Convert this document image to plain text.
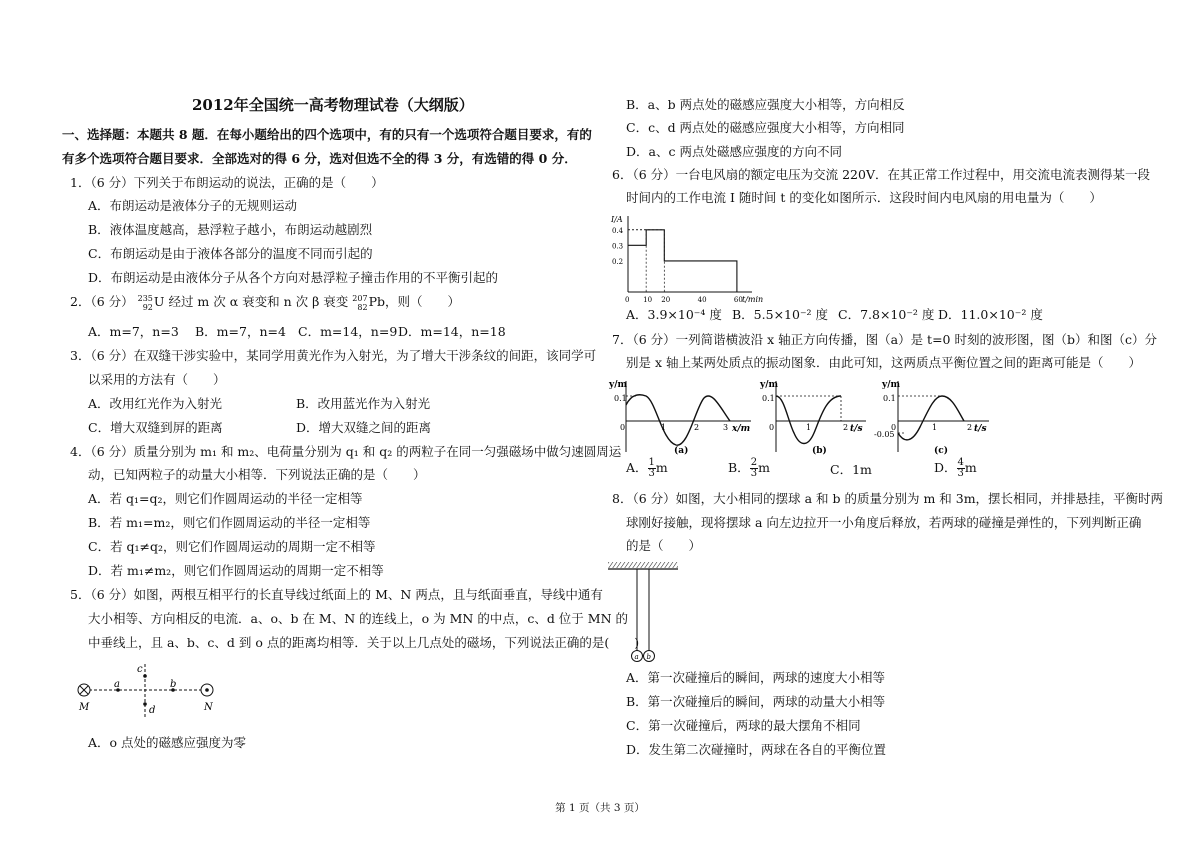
2012年全国统一高考物理试卷（大纲版）
一、选择题：本题共 8 题．在每小题给出的四个选项中，有的只有一个选项符合题目要求，有的
有多个选项符合题目要求．全部选对的得 6 分，选对但选不全的得 3 分，有选错的得 0 分．
1．（6 分）下列关于布朗运动的说法，正确的是（　　）
A．布朗运动是液体分子的无规则运动
B．液体温度越高，悬浮粒子越小，布朗运动越剧烈
C．布朗运动是由于液体各部分的温度不同而引起的
D．布朗运动是由液体分子从各个方向对悬浮粒子撞击作用的不平衡引起的
2．（6 分） 235
92 U 经过 m 次 α 衰变和 n 次 β 衰变 207
82 Pb，则（　　）
A．m=7，n=3 B．m=7，n=4 C．m=14，n=9 D．m=14，n=18
3．（6 分）在双缝干涉实验中，某同学用黄光作为入射光，为了增大干涉条纹的间距，该同学可
以采用的方法有（　　）
A．改用红光作为入射光	B．改用蓝光作为入射光
C．增大双缝到屏的距离	D．增大双缝之间的距离
4．（6 分）质量分别为 m₁ 和 m₂、电荷量分别为 q₁ 和 q₂ 的两粒子在同一匀强磁场中做匀速圆周运
动，已知两粒子的动量大小相等．下列说法正确的是（　　）
A．若 q₁=q₂，则它们作圆周运动的半径一定相等
B．若 m₁=m₂，则它们作圆周运动的半径一定相等
C．若 q₁≠q₂，则它们作圆周运动的周期一定不相等
D．若 m₁≠m₂，则它们作圆周运动的周期一定不相等
5．（6 分）如图，两根互相平行的长直导线过纸面上的 M、N 两点，且与纸面垂直，导线中通有
大小相等、方向相反的电流．a、o、b 在 M、N 的连线上，o 为 MN 的中点，c、d 位于 MN 的
中垂线上，且 a、b、c、d 到 o 点的距离均相等．关于以上几点处的磁场，下列说法正确的是(　　)
M	N
a	b
c
d
A．o 点处的磁感应强度为零
B．a、b 两点处的磁感应强度大小相等，方向相反
C．c、d 两点处的磁感应强度大小相等，方向相同
D．a、c 两点处磁感应强度的方向不同
6．（6 分）一台电风扇的额定电压为交流 220V．在其正常工作过程中，用交流电流表测得某一段
时间内的工作电流 I 随时间 t 的变化如图所示．这段时间内电风扇的用电量为（　　）
I/A
t/min
0.4
0.3
0.2
0 10 20	40	60
A．3.9×10⁻⁴ 度 B．5.5×10⁻² 度 C．7.8×10⁻² 度 D．11.0×10⁻² 度
7．（6 分）一列简谐横波沿 x 轴正方向传播，图（a）是 t=0 时刻的波形图，图（b）和图（c）分
别是 x 轴上某两处质点的振动图象．由此可知，这两质点平衡位置之间的距离可能是（　　）
y/m
x/m
0.1
0	1	2	3
(a)
y/m
t/s
0.1
0	1	2
(b)
y/m
t/s
0.1
-0.05
0	1	2
(c)
A． $\frac{1}{3}$ m	B． $\frac{2}{3}$ m	C．1m	D． $\frac{4}{3}$ m
8．（6 分）如图，大小相同的摆球 a 和 b 的质量分别为 m 和 3m，摆长相同，并排悬挂，平衡时两
球刚好接触，现将摆球 a 向左边拉开一小角度后释放，若两球的碰撞是弹性的，下列判断正确
的是（　　）
a b
A．第一次碰撞后的瞬间，两球的速度大小相等
B．第一次碰撞后的瞬间，两球的动量大小相等
C．第一次碰撞后，两球的最大摆角不相同
D．发生第二次碰撞时，两球在各自的平衡位置
第 1 页（共 3 页）
